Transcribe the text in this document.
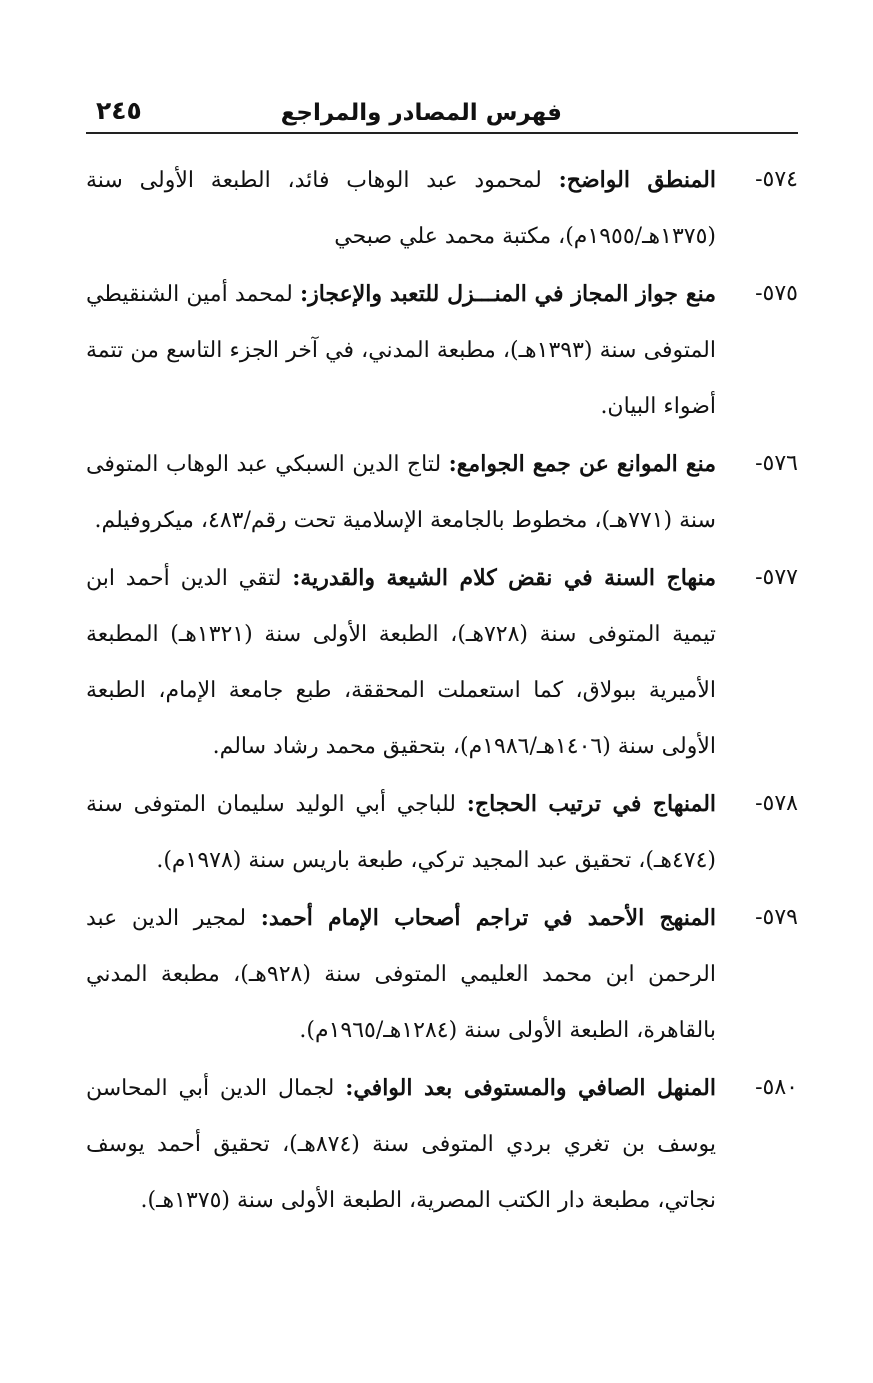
فهرس المصادر والمراجع
٢٤٥
٥٧٤-
المنطق الواضح: لمحمود عبد الوهاب فائد، الطبعة الأولى سنة (١٣٧٥هـ/١٩٥٥م)، مكتبة محمد علي صبحي
٥٧٥-
منع جواز المجاز في المنـــزل للتعبد والإعجاز: لمحمد أمين الشنقيطي المتوفى سنة (١٣٩٣هـ)، مطبعة المدني، في آخر الجزء التاسع من تتمة أضواء البيان.
٥٧٦-
منع الموانع عن جمع الجوامع: لتاج الدين السبكي عبد الوهاب المتوفى سنة (٧٧١هـ)، مخطوط بالجامعة الإسلامية تحت رقم/٤٨٣، ميكروفيلم.
٥٧٧-
منهاج السنة في نقض كلام الشيعة والقدرية: لتقي الدين أحمد ابن تيمية المتوفى سنة (٧٢٨هـ)، الطبعة الأولى سنة (١٣٢١هـ) المطبعة الأميرية ببولاق، كما استعملت المحققة، طبع جامعة الإمام، الطبعة الأولى سنة (١٤٠٦هـ/١٩٨٦م)، بتحقيق محمد رشاد سالم.
٥٧٨-
المنهاج في ترتيب الحجاج: للباجي أبي الوليد سليمان المتوفى سنة (٤٧٤هـ)، تحقيق عبد المجيد تركي، طبعة باريس سنة (١٩٧٨م).
٥٧٩-
المنهج الأحمد في تراجم أصحاب الإمام أحمد: لمجير الدين عبد الرحمن ابن محمد العليمي المتوفى سنة (٩٢٨هـ)، مطبعة المدني بالقاهرة، الطبعة الأولى سنة (١٢٨٤هـ/١٩٦٥م).
٥٨٠-
المنهل الصافي والمستوفى بعد الوافي: لجمال الدين أبي المحاسن يوسف بن تغري بردي المتوفى سنة (٨٧٤هـ)، تحقيق أحمد يوسف نجاتي، مطبعة دار الكتب المصرية، الطبعة الأولى سنة (١٣٧٥هـ).
